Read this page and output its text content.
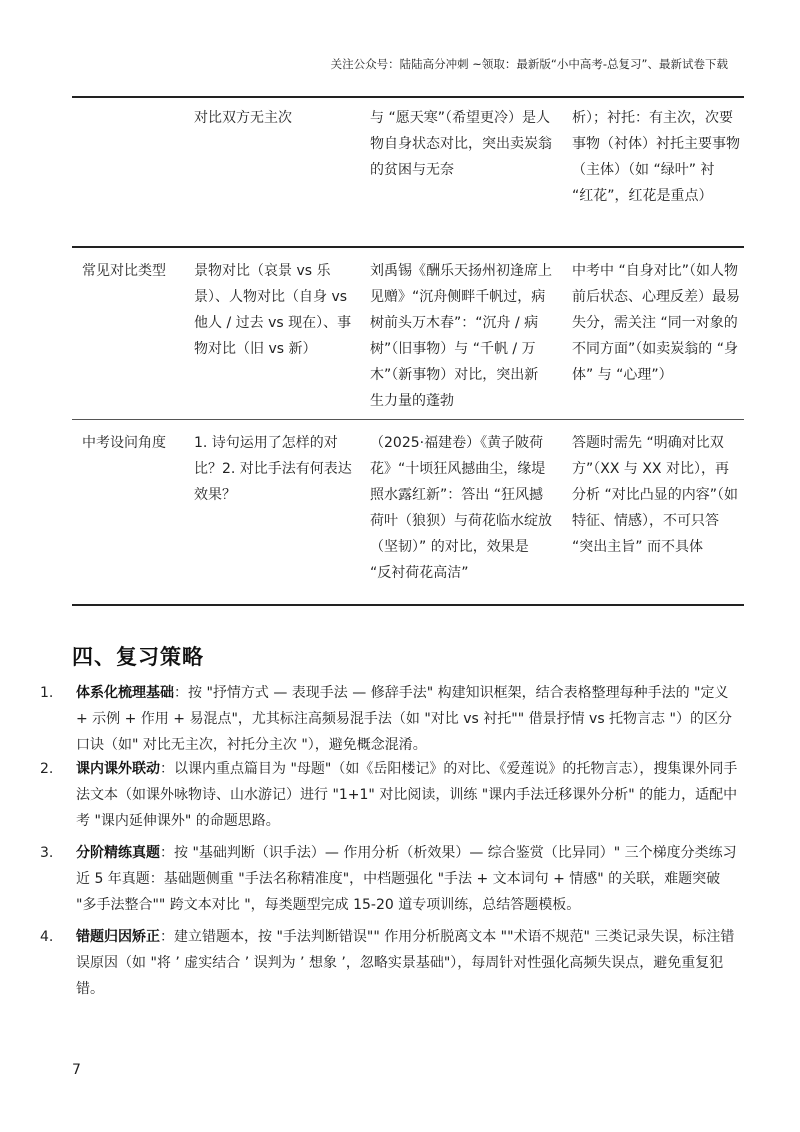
关注公众号：陆陆高分冲刺 ~领取：最新版“小中高考-总复习”、最新试卷下载
	对比双方无主次	与 “愿天寒”（希望更冷）是人物自身状态对比，突出卖炭翁的贫困与无奈	析）；衬托：有主次，次要事物（衬体）衬托主要事物（主体）（如 “绿叶” 衬 “红花”，红花是重点）
常见对比类型	景物对比（哀景 vs 乐景）、人物对比（自身 vs 他人 / 过去 vs 现在）、事物对比（旧 vs 新）	刘禹锡《酬乐天扬州初逢席上见赠》“沉舟侧畔千帆过，病树前头万木春”：“沉舟 / 病树”（旧事物）与 “千帆 / 万木”（新事物）对比，突出新生力量的蓬勃	中考中 “自身对比”（如人物前后状态、心理反差）最易失分，需关注 “同一对象的不同方面”（如卖炭翁的 “身体” 与 “心理”）
中考设问角度	1. 诗句运用了怎样的对比？2. 对比手法有何表达效果？	（2025·福建卷）《黄子陂荷花》“十顷狂风撼曲尘，缘堤照水露红新”：答出 “狂风撼荷叶（狼狈）与荷花临水绽放（坚韧）” 的对比，效果是 “反衬荷花高洁”	答题时需先 “明确对比双方”（XX 与 XX 对比），再分析 “对比凸显的内容”（如特征、情感），不可只答 “突出主旨” 而不具体
四、复习策略
1.	体系化梳理基础：按 "抒情方式 — 表现手法 — 修辞手法" 构建知识框架，结合表格整理每种手法的 "定义 + 示例 + 作用 + 易混点"，尤其标注高频易混手法（如 "对比 vs 衬托"" 借景抒情 vs 托物言志 "）的区分口诀（如" 对比无主次，衬托分主次 "），避免概念混淆。
2.	课内课外联动：以课内重点篇目为 "母题"（如《岳阳楼记》的对比、《爱莲说》的托物言志），搜集课外同手法文本（如课外咏物诗、山水游记）进行 "1+1" 对比阅读，训练 "课内手法迁移课外分析" 的能力，适配中考 "课内延伸课外" 的命题思路。
3.	分阶精练真题：按 "基础判断（识手法）— 作用分析（析效果）— 综合鉴赏（比异同）" 三个梯度分类练习近 5 年真题：基础题侧重 "手法名称精准度"，中档题强化 "手法 + 文本词句 + 情感" 的关联，难题突破 "多手法整合"" 跨文本对比 "，每类题型完成 15-20 道专项训练，总结答题模板。
4.	错题归因矫正：建立错题本，按 "手法判断错误"" 作用分析脱离文本 ""术语不规范" 三类记录失误，标注错误原因（如 "将 ’ 虚实结合 ’ 误判为 ’ 想象 ’，忽略实景基础"），每周针对性强化高频失误点，避免重复犯错。
7
